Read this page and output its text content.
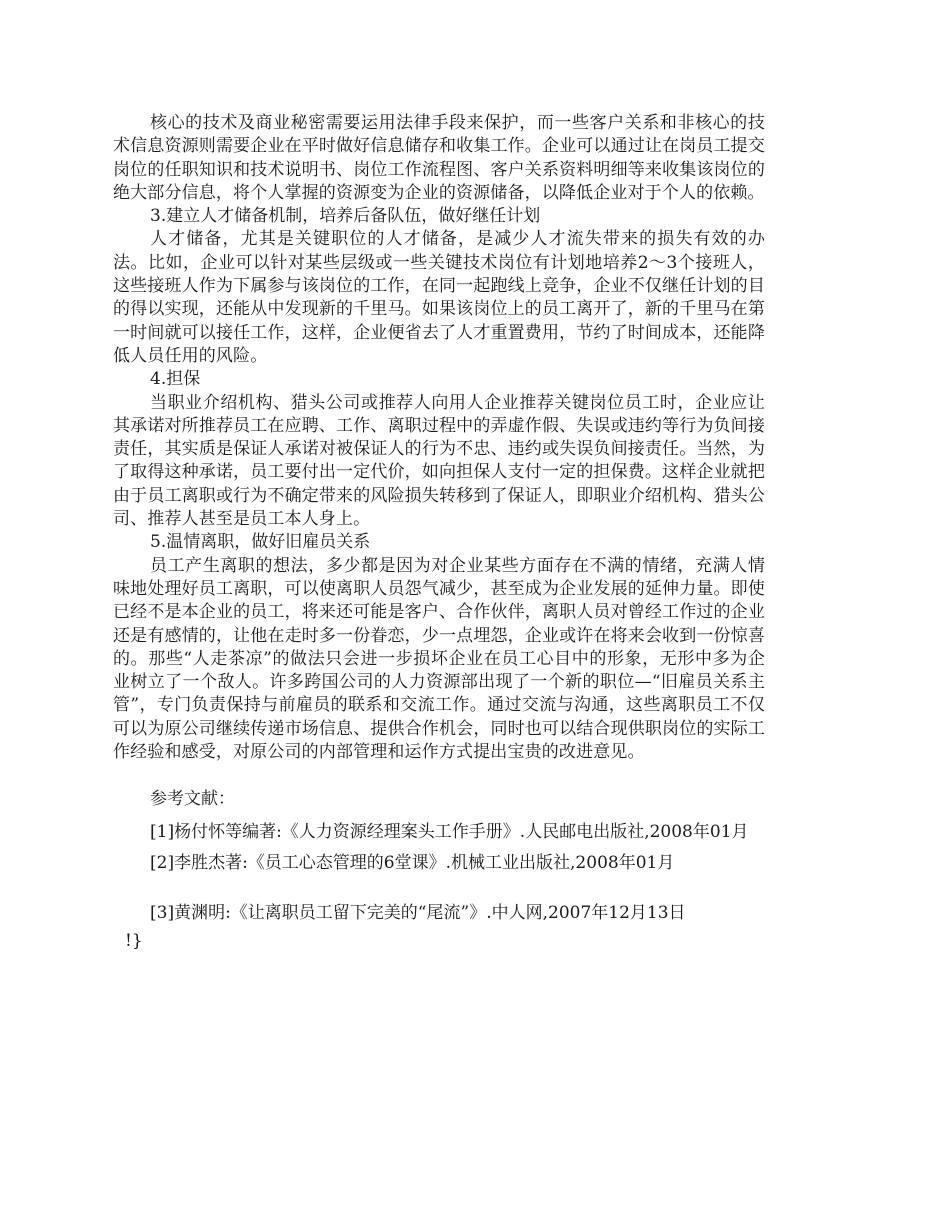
核心的技术及商业秘密需要运用法律手段来保护，而一些客户关系和非核心的技术信息资源则需要企业在平时做好信息储存和收集工作。企业可以通过让在岗员工提交岗位的任职知识和技术说明书、岗位工作流程图、客户关系资料明细等来收集该岗位的绝大部分信息，将个人掌握的资源变为企业的资源储备，以降低企业对于个人的依赖。

3.建立人才储备机制，培养后备队伍，做好继任计划

人才储备，尤其是关键职位的人才储备，是减少人才流失带来的损失有效的办法。比如，企业可以针对某些层级或一些关键技术岗位有计划地培养2～3个接班人，这些接班人作为下属参与该岗位的工作，在同一起跑线上竞争，企业不仅继任计划的目的得以实现，还能从中发现新的千里马。如果该岗位上的员工离开了，新的千里马在第一时间就可以接任工作，这样，企业便省去了人才重置费用，节约了时间成本，还能降低人员任用的风险。

4.担保

当职业介绍机构、猎头公司或推荐人向用人企业推荐关键岗位员工时，企业应让其承诺对所推荐员工在应聘、工作、离职过程中的弄虚作假、失误或违约等行为负间接责任，其实质是保证人承诺对被保证人的行为不忠、违约或失误负间接责任。当然，为了取得这种承诺，员工要付出一定代价，如向担保人支付一定的担保费。这样企业就把由于员工离职或行为不确定带来的风险损失转移到了保证人，即职业介绍机构、猎头公司、推荐人甚至是员工本人身上。

5.温情离职，做好旧雇员关系

员工产生离职的想法，多少都是因为对企业某些方面存在不满的情绪，充满人情味地处理好员工离职，可以使离职人员怨气减少，甚至成为企业发展的延伸力量。即使已经不是本企业的员工，将来还可能是客户、合作伙伴，离职人员对曾经工作过的企业还是有感情的，让他在走时多一份眷恋，少一点埋怨，企业或许在将来会收到一份惊喜的。那些“人走茶凉”的做法只会进一步损坏企业在员工心目中的形象，无形中多为企业树立了一个敌人。许多跨国公司的人力资源部出现了一个新的职位—“旧雇员关系主管”，专门负责保持与前雇员的联系和交流工作。通过交流与沟通，这些离职员工不仅可以为原公司继续传递市场信息、提供合作机会，同时也可以结合现供职岗位的实际工作经验和感受，对原公司的内部管理和运作方式提出宝贵的改进意见。

参考文献：

[1]杨付怀等编著:《人力资源经理案头工作手册》.人民邮电出版社,2008年01月

[2]李胜杰著:《员工心态管理的6堂课》.机械工业出版社,2008年01月

[3]黄渊明:《让离职员工留下完美的“尾流”》.中人网,2007年12月13日

!}
